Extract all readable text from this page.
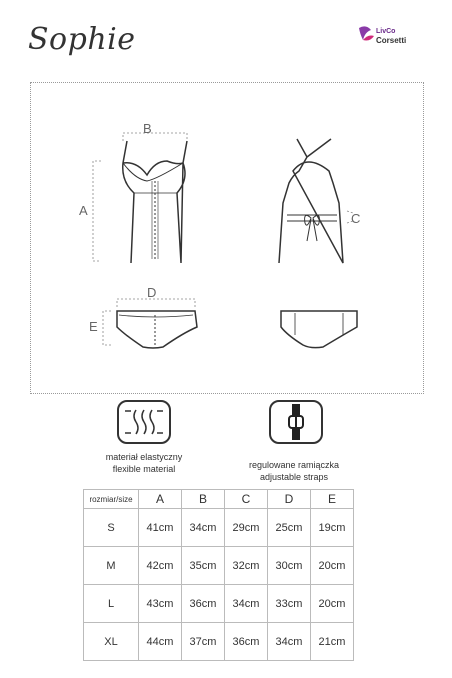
Sophie	LivCo
Corsetti
B
A
C
D
E
materiał elastyczny
flexible material	regulowane ramiączka
adjustable straps
rozmiar/size	A	B	C	D	E
S	41cm	34cm	29cm	25cm	19cm
M	42cm	35cm	32cm	30cm	20cm
L	43cm	36cm	34cm	33cm	20cm
XL	44cm	37cm	36cm	34cm	21cm
